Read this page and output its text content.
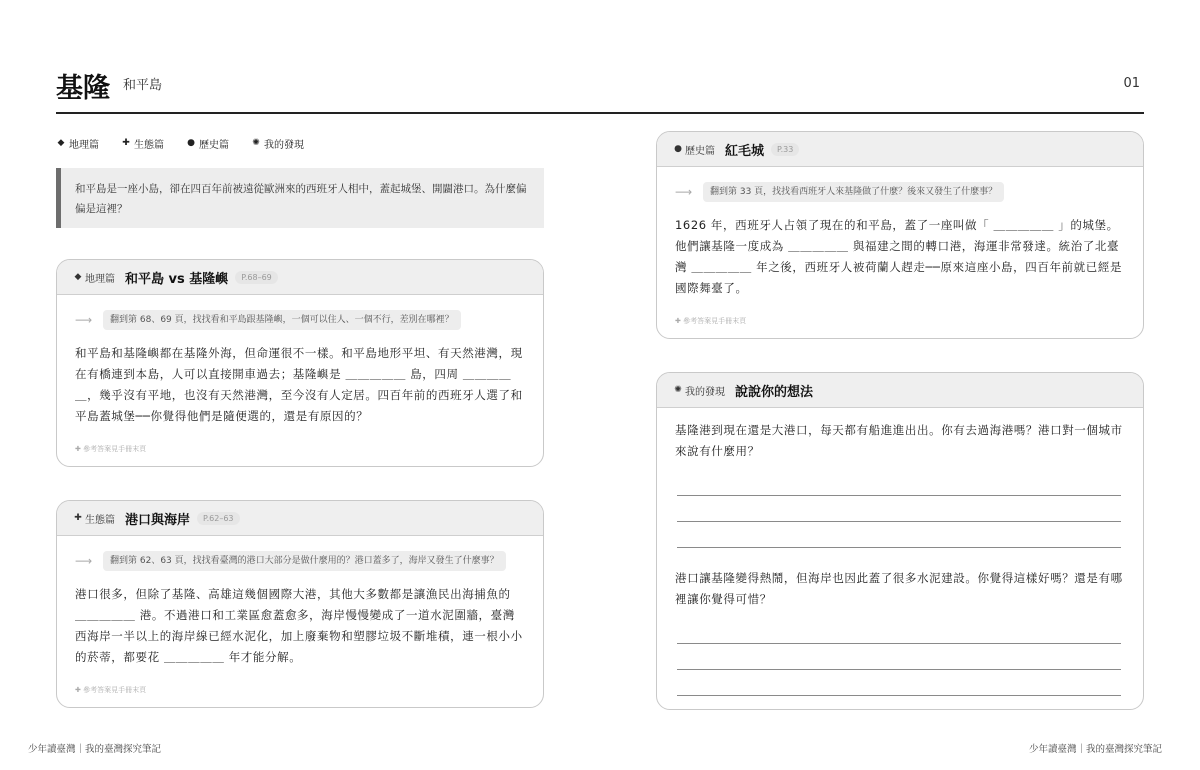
基隆 和平島	01
◆ 地理篇	✚ 生態篇	● 歷史篇	✺ 我的發現
和平島是一座小島，卻在四百年前被遠從歐洲來的西班牙人相中，蓋起城堡、開闢港口。為什麼偏偏是這裡？
◆ 地理篇 和平島 vs 基隆嶼	P.68–69
⟶	翻到第 68、69 頁，找找看和平島跟基隆嶼，一個可以住人、一個不行，差別在哪裡？
和平島和基隆嶼都在基隆外海，但命運很不一樣。和平島地形平坦、有天然港灣，現在有橋連到本島，人可以直接開車過去；基隆嶼是 ＿＿＿＿＿ 島，四周 ＿＿＿＿＿，幾乎沒有平地，也沒有天然港灣，至今沒有人定居。四百年前的西班牙人選了和平島蓋城堡──你覺得他們是隨便選的，還是有原因的？
✚ 參考答案見手冊末頁
✚ 生態篇 港口與海岸	P.62–63
⟶	翻到第 62、63 頁，找找看臺灣的港口大部分是做什麼用的？港口蓋多了，海岸又發生了什麼事？
港口很多，但除了基隆、高雄這幾個國際大港，其他大多數都是讓漁民出海捕魚的 ＿＿＿＿＿ 港。不過港口和工業區愈蓋愈多，海岸慢慢變成了一道水泥圍牆，臺灣西海岸一半以上的海岸線已經水泥化，加上廢棄物和塑膠垃圾不斷堆積，連一根小小的菸蒂，都要花 ＿＿＿＿＿ 年才能分解。
✚ 參考答案見手冊末頁
● 歷史篇 紅毛城	P.33
⟶	翻到第 33 頁，找找看西班牙人來基隆做了什麼？後來又發生了什麼事？
1626 年，西班牙人占領了現在的和平島，蓋了一座叫做「 ＿＿＿＿＿ 」的城堡。他們讓基隆一度成為 ＿＿＿＿＿ 與福建之間的轉口港，海運非常發達。統治了北臺灣 ＿＿＿＿＿ 年之後，西班牙人被荷蘭人趕走──原來這座小島，四百年前就已經是國際舞臺了。
✚ 參考答案見手冊末頁
✺ 我的發現 說說你的想法
基隆港到現在還是大港口，每天都有船進進出出。你有去過海港嗎？港口對一個城市來說有什麼用？
港口讓基隆變得熱鬧，但海岸也因此蓋了很多水泥建設。你覺得這樣好嗎？還是有哪裡讓你覺得可惜？
少年讀臺灣｜我的臺灣探究筆記	少年讀臺灣｜我的臺灣探究筆記
